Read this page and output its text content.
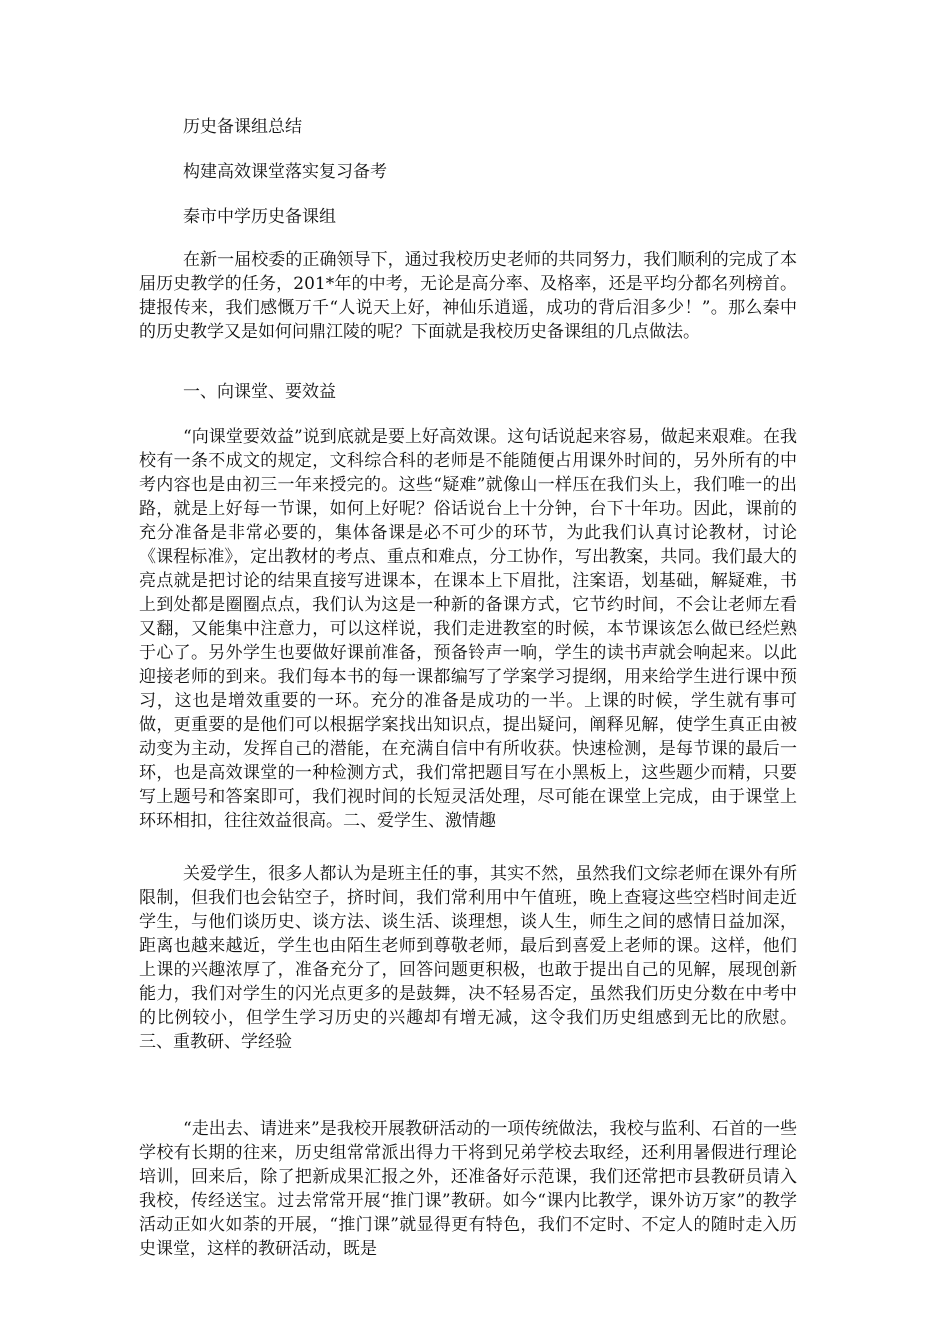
历史备课组总结
构建高效课堂落实复习备考
秦市中学历史备课组

在新一届校委的正确领导下，通过我校历史老师的共同努力，我们顺利的完成了本届历史教学的任务，201*年的中考，无论是高分率、及格率，还是平均分都名列榜首。捷报传来，我们感慨万千“人说天上好，神仙乐逍遥，成功的背后泪多少！”。那么秦中的历史教学又是如何问鼎江陵的呢？下面就是我校历史备课组的几点做法。

一、向课堂、要效益

“向课堂要效益”说到底就是要上好高效课。这句话说起来容易，做起来艰难。在我校有一条不成文的规定，文科综合科的老师是不能随便占用课外时间的，另外所有的中考内容也是由初三一年来授完的。这些“疑难”就像山一样压在我们头上，我们唯一的出路，就是上好每一节课，如何上好呢？俗话说台上十分钟，台下十年功。因此，课前的充分准备是非常必要的，集体备课是必不可少的环节，为此我们认真讨论教材，讨论《课程标准》，定出教材的考点、重点和难点，分工协作，写出教案，共同。我们最大的亮点就是把讨论的结果直接写进课本，在课本上下眉批，注案语，划基础，解疑难，书上到处都是圈圈点点，我们认为这是一种新的备课方式，它节约时间，不会让老师左看又翻，又能集中注意力，可以这样说，我们走进教室的时候，本节课该怎么做已经烂熟于心了。另外学生也要做好课前准备，预备铃声一响，学生的读书声就会响起来。以此迎接老师的到来。我们每本书的每一课都编写了学案学习提纲，用来给学生进行课中预习，这也是增效重要的一环。充分的准备是成功的一半。上课的时候，学生就有事可做，更重要的是他们可以根据学案找出知识点，提出疑问，阐释见解，使学生真正由被动变为主动，发挥自己的潜能，在充满自信中有所收获。快速检测，是每节课的最后一环，也是高效课堂的一种检测方式，我们常把题目写在小黑板上，这些题少而精，只要写上题号和答案即可，我们视时间的长短灵活处理，尽可能在课堂上完成，由于课堂上环环相扣，往往效益很高。二、爱学生、激情趣

关爱学生，很多人都认为是班主任的事，其实不然，虽然我们文综老师在课外有所限制，但我们也会钻空子，挤时间，我们常利用中午值班，晚上查寝这些空档时间走近学生，与他们谈历史、谈方法、谈生活、谈理想，谈人生，师生之间的感情日益加深，距离也越来越近，学生也由陌生老师到尊敬老师，最后到喜爱上老师的课。这样，他们上课的兴趣浓厚了，准备充分了，回答问题更积极，也敢于提出自己的见解，展现创新能力，我们对学生的闪光点更多的是鼓舞，决不轻易否定，虽然我们历史分数在中考中的比例较小，但学生学习历史的兴趣却有增无减，这令我们历史组感到无比的欣慰。三、重教研、学经验

“走出去、请进来”是我校开展教研活动的一项传统做法，我校与监利、石首的一些学校有长期的往来，历史组常常派出得力干将到兄弟学校去取经，还利用暑假进行理论培训，回来后，除了把新成果汇报之外，还准备好示范课，我们还常把市县教研员请入我校，传经送宝。过去常常开展“推门课”教研。如今“课内比教学，课外访万家”的教学活动正如火如荼的开展，“推门课”就显得更有特色，我们不定时、不定人的随时走入历史课堂，这样的教研活动，既是
